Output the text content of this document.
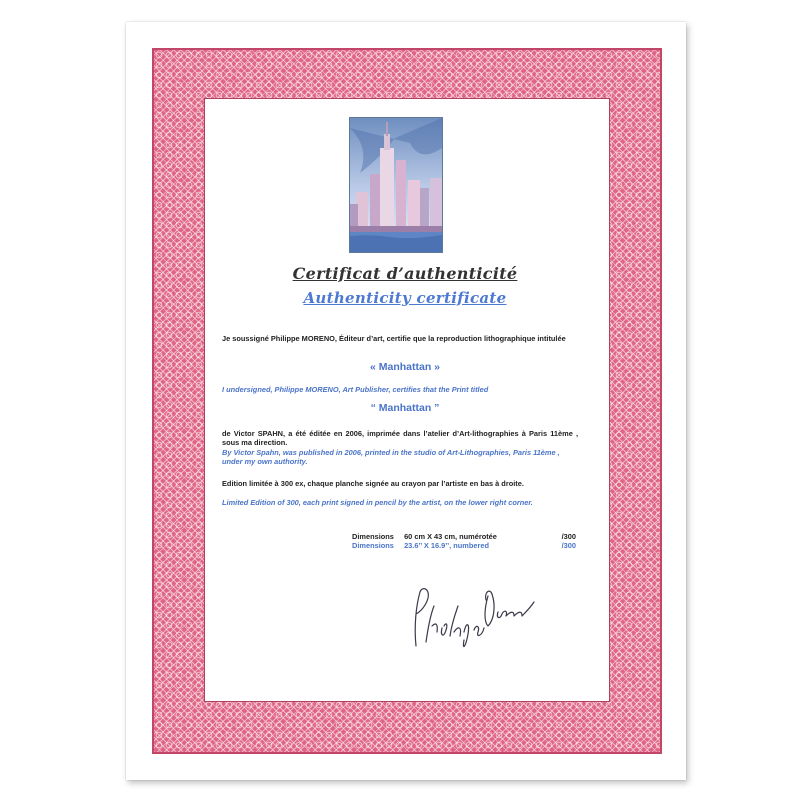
Certificat d’authenticité
Authenticity certificate

Je soussigné Philippe MORENO, Éditeur d’art, certifie que la reproduction lithographique intitulée

« Manhattan »

I undersigned, Philippe MORENO, Art Publisher, certifies that the Print titled

“ Manhattan ”

de Victor SPAHN, a été éditée en 2006, imprimée dans l’atelier d’Art-lithographies à Paris 11ème , sous ma direction.

By Victor Spahn, was published in 2006, printed in the studio of Art-Lithographies, Paris 11ème , under my own authority.

Edition limitée à 300 ex, chaque planche signée au crayon par l’artiste en bas à droite.

Limited Edition of 300, each print signed in pencil by the artist, on the lower right corner.

Dimensions 60 cm X 43 cm, numérotée	/300
Dimensions 23.6’’ X 16.9’’, numbered	/300
